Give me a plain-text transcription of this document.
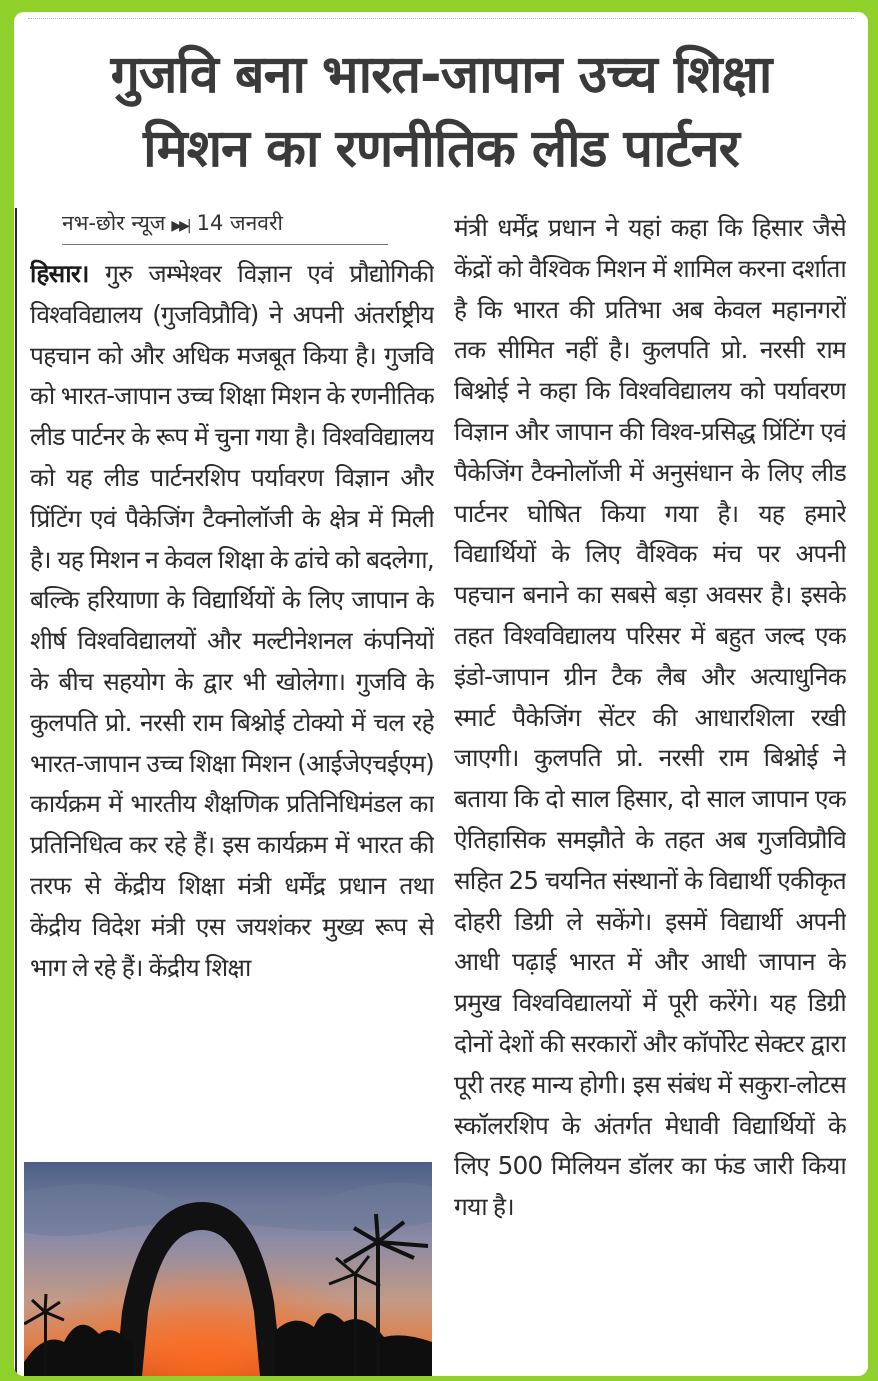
गुजवि बना भारत-जापान उच्च शिक्षा
मिशन का रणनीतिक लीड पार्टनर
नभ-छोर न्यूज ▶▶| 14 जनवरी
हिसार। गुरु जम्भेश्वर विज्ञान एवं प्रौद्योगिकी विश्वविद्यालय (गुजविप्रौवि) ने अपनी अंतर्राष्ट्रीय पहचान को और अधिक मजबूत किया है। गुजवि को भारत-जापान उच्च शिक्षा मिशन के रणनीतिक लीड पार्टनर के रूप में चुना गया है। विश्वविद्यालय को यह लीड पार्टनरशिप पर्यावरण विज्ञान और प्रिंटिंग एवं पैकेजिंग टैक्नोलॉजी के क्षेत्र में मिली है। यह मिशन न केवल शिक्षा के ढांचे को बदलेगा, बल्कि हरियाणा के विद्यार्थियों के लिए जापान के शीर्ष विश्वविद्यालयों और मल्टीनेशनल कंपनियों के बीच सहयोग के द्वार भी खोलेगा। गुजवि के कुलपति प्रो. नरसी राम बिश्नोई टोक्यो में चल रहे भारत-जापान उच्च शिक्षा मिशन (आईजेएचईएम) कार्यक्रम में भारतीय शैक्षणिक प्रतिनिधिमंडल का प्रतिनिधित्व कर रहे हैं। इस कार्यक्रम में भारत की तरफ से केंद्रीय शिक्षा मंत्री धर्मेंद्र प्रधान तथा केंद्रीय विदेश मंत्री एस जयशंकर मुख्य रूप से भाग ले रहे हैं। केंद्रीय शिक्षा
मंत्री धर्मेंद्र प्रधान ने यहां कहा कि हिसार जैसे केंद्रों को वैश्विक मिशन में शामिल करना दर्शाता है कि भारत की प्रतिभा अब केवल महानगरों तक सीमित नहीं है। कुलपति प्रो. नरसी राम बिश्नोई ने कहा कि विश्वविद्यालय को पर्यावरण विज्ञान और जापान की विश्व-प्रसिद्ध प्रिंटिंग एवं पैकेजिंग टैक्नोलॉजी में अनुसंधान के लिए लीड पार्टनर घोषित किया गया है। यह हमारे विद्यार्थियों के लिए वैश्विक मंच पर अपनी पहचान बनाने का सबसे बड़ा अवसर है। इसके तहत विश्वविद्यालय परिसर में बहुत जल्द एक इंडो-जापान ग्रीन टैक लैब और अत्याधुनिक स्मार्ट पैकेजिंग सेंटर की आधारशिला रखी जाएगी। कुलपति प्रो. नरसी राम बिश्नोई ने बताया कि दो साल हिसार, दो साल जापान एक ऐतिहासिक समझौते के तहत अब गुजविप्रौवि सहित 25 चयनित संस्थानों के विद्यार्थी एकीकृत दोहरी डिग्री ले सकेंगे। इसमें विद्यार्थी अपनी आधी पढ़ाई भारत में और आधी जापान के प्रमुख विश्वविद्यालयों में पूरी करेंगे। यह डिग्री दोनों देशों की सरकारों और कॉर्पोरेट सेक्टर द्वारा पूरी तरह मान्य होगी। इस संबंध में सकुरा-लोटस स्कॉलरशिप के अंतर्गत मेधावी विद्यार्थियों के लिए 500 मिलियन डॉलर का फंड जारी किया गया है।
